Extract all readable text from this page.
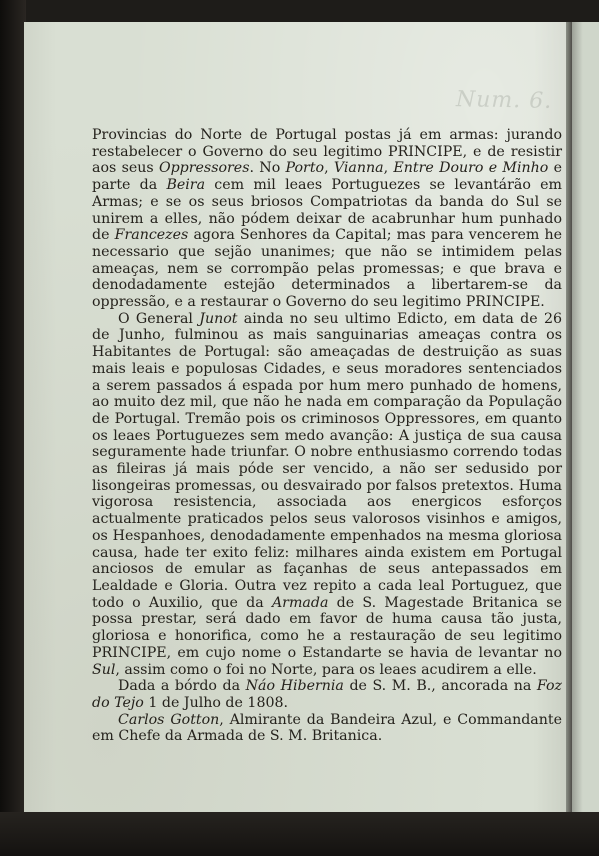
Num. 6.

Provincias do Norte de Portugal postas já em armas: jurando restabelecer o Governo do seu legitimo PRINCIPE, e de resistir aos seus Oppressores. No Porto, Vianna, Entre Douro e Minho e parte da Beira cem mil leaes Portuguezes se levantárão em Armas; e se os seus briosos Compatriotas da banda do Sul se unirem a elles, não pódem deixar de acabrunhar hum punhado de Francezes agora Senhores da Capital; mas para vencerem he necessario que sejão unanimes; que não se intimidem pelas ameaças, nem se corrompão pelas promessas; e que brava e denodadamente estejão determinados a libertarem-se da oppressão, e a restaurar o Governo do seu legitimo PRINCIPE.

O General Junot ainda no seu ultimo Edicto, em data de 26 de Junho, fulminou as mais sanguinarias ameaças contra os Habitantes de Portugal: são ameaçadas de destruição as suas mais leais e populosas Cidades, e seus moradores sentenciados a serem passados á espada por hum mero punhado de homens, ao muito dez mil, que não he nada em comparação da População de Portugal. Tremão pois os criminosos Oppressores, em quanto os leaes Portuguezes sem medo avanção: A justiça de sua causa seguramente hade triunfar. O nobre enthusiasmo correndo todas as fileiras já mais póde ser vencido, a não ser sedusido por lisongeiras promessas, ou desvairado por falsos pretextos. Huma vigorosa resistencia, associada aos energicos esforços actualmente praticados pelos seus valorosos visinhos e amigos, os Hespanhoes, denodadamente empenhados na mesma gloriosa causa, hade ter exito feliz: milhares ainda existem em Portugal anciosos de emular as façanhas de seus antepassados em Lealdade e Gloria. Outra vez repito a cada leal Portuguez, que todo o Auxilio, que da Armada de S. Magestade Britanica se possa prestar, será dado em favor de huma causa tão justa, gloriosa e honorifica, como he a restauração de seu legitimo PRINCIPE, em cujo nome o Estandarte se havia de levantar no Sul, assim como o foi no Norte, para os leaes acudirem a elle.

Dada a bórdo da Náo Hibernia de S. M. B., ancorada na Foz do Tejo 1 de Julho de 1808.

Carlos Gotton, Almirante da Bandeira Azul, e Commandante em Chefe da Armada de S. M. Britanica.
